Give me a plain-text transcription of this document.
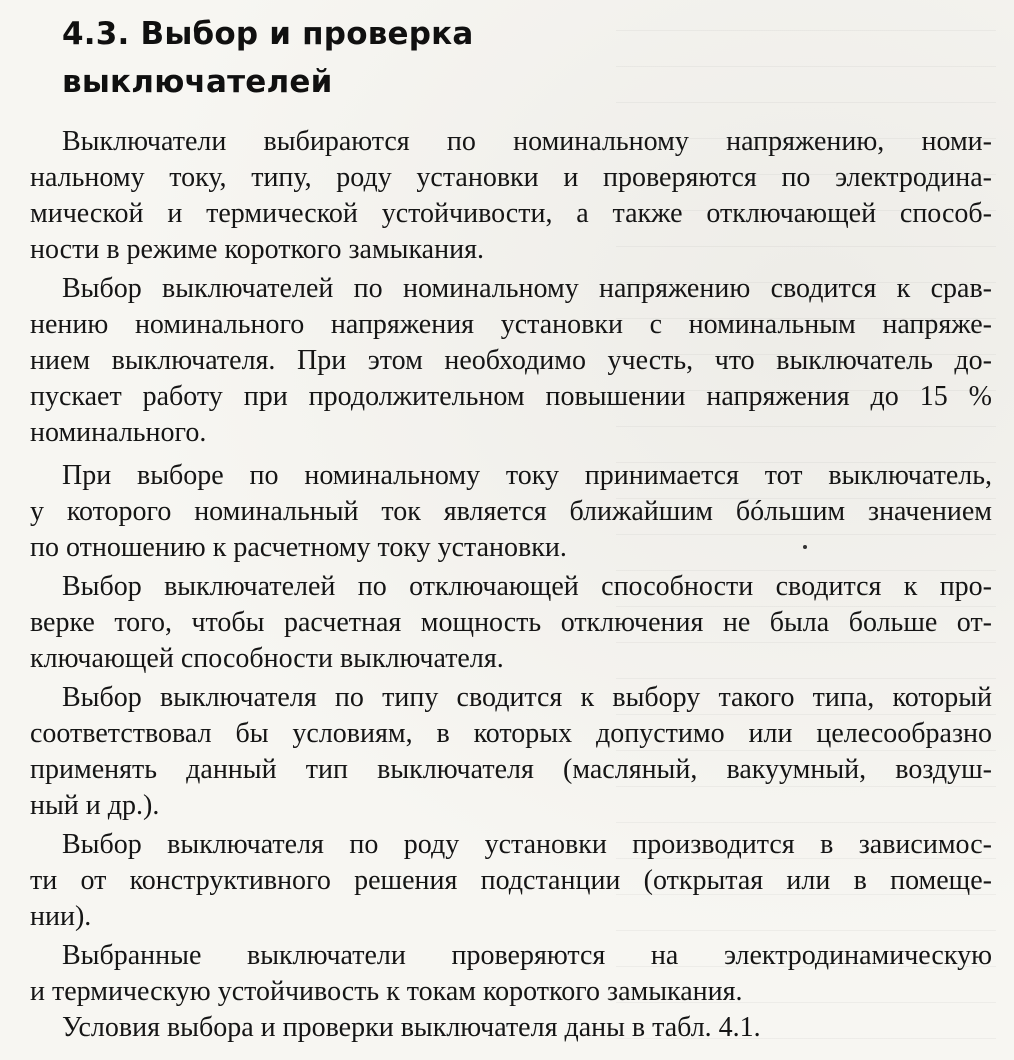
4.3. Выбор и проверка
выключателей

Выключатели выбираются по номинальному напряжению, номи-
нальному току, типу, роду установки и проверяются по электродина-
мической и термической устойчивости, а также отключающей способ-
ности в режиме короткого замыкания.

Выбор выключателей по номинальному напряжению сводится к срав-
нению номинального напряжения установки с номинальным напряже-
нием выключателя. При этом необходимо учесть, что выключатель до-
пускает работу при продолжительном повышении напряжения до 15 %
номинального.

При выборе по номинальному току принимается тот выключатель,
у которого номинальный ток является ближайшим бóльшим значением
по отношению к расчетному току установки.

Выбор выключателей по отключающей способности сводится к про-
верке того, чтобы расчетная мощность отключения не была больше от-
ключающей способности выключателя.

Выбор выключателя по типу сводится к выбору такого типа, который
соответствовал бы условиям, в которых допустимо или целесообразно
применять данный тип выключателя (масляный, вакуумный, воздуш-
ный и др.).

Выбор выключателя по роду установки производится в зависимос-
ти от конструктивного решения подстанции (открытая или в помеще-
нии).

Выбранные выключатели проверяются на электродинамическую
и термическую устойчивость к токам короткого замыкания.

Условия выбора и проверки выключателя даны в табл. 4.1.
